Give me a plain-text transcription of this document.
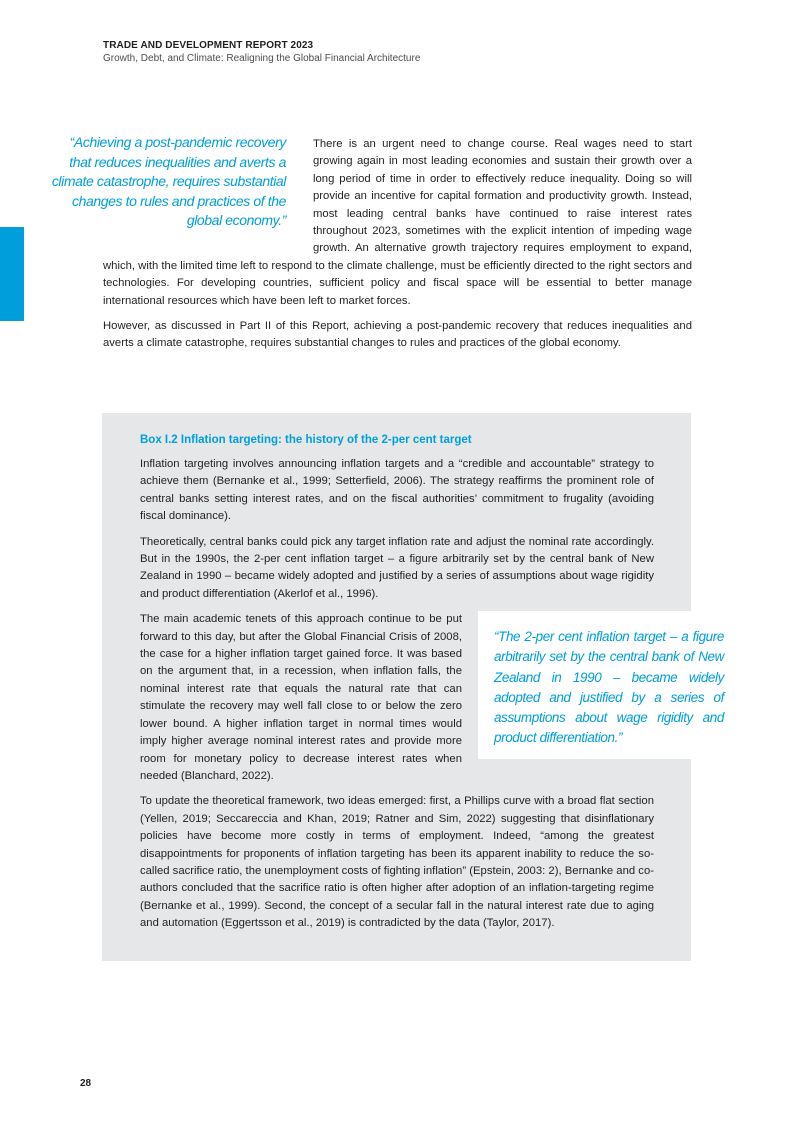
TRADE AND DEVELOPMENT REPORT 2023
Growth, Debt, and Climate: Realigning the Global Financial Architecture
“Achieving a post-pandemic recovery that reduces inequalities and averts a climate catastrophe, requires substantial changes to rules and practices of the global economy.”

There is an urgent need to change course. Real wages need to start growing again in most leading economies and sustain their growth over a long period of time in order to effectively reduce inequality. Doing so will provide an incentive for capital formation and productivity growth. Instead, most leading central banks have continued to raise interest rates throughout 2023, sometimes with the explicit intention of impeding wage growth. An alternative growth trajectory requires employment to expand, which, with the limited time left to respond to the climate challenge, must be efficiently directed to the right sectors and technologies. For developing countries, sufficient policy and fiscal space will be essential to better manage international resources which have been left to market forces.

However, as discussed in Part II of this Report, achieving a post-pandemic recovery that reduces inequalities and averts a climate catastrophe, requires substantial changes to rules and practices of the global economy.

Box I.2 Inflation targeting: the history of the 2-per cent target

Inflation targeting involves announcing inflation targets and a “credible and accountable” strategy to achieve them (Bernanke et al., 1999; Setterfield, 2006). The strategy reaffirms the prominent role of central banks setting interest rates, and on the fiscal authorities’ commitment to frugality (avoiding fiscal dominance).

Theoretically, central banks could pick any target inflation rate and adjust the nominal rate accordingly. But in the 1990s, the 2-per cent inflation target – a figure arbitrarily set by the central bank of New Zealand in 1990 – became widely adopted and justified by a series of assumptions about wage rigidity and product differentiation (Akerlof et al., 1996).

“The 2-per cent inflation target – a figure arbitrarily set by the central bank of New Zealand in 1990 – became widely adopted and justified by a series of assumptions about wage rigidity and product differentiation.”

The main academic tenets of this approach continue to be put forward to this day, but after the Global Financial Crisis of 2008, the case for a higher inflation target gained force. It was based on the argument that, in a recession, when inflation falls, the nominal interest rate that equals the natural rate that can stimulate the recovery may well fall close to or below the zero lower bound. A higher inflation target in normal times would imply higher average nominal interest rates and provide more room for monetary policy to decrease interest rates when needed (Blanchard, 2022).

To update the theoretical framework, two ideas emerged: first, a Phillips curve with a broad flat section (Yellen, 2019; Seccareccia and Khan, 2019; Ratner and Sim, 2022) suggesting that disinflationary policies have become more costly in terms of employment. Indeed, “among the greatest disappointments for proponents of inflation targeting has been its apparent inability to reduce the so-called sacrifice ratio, the unemployment costs of fighting inflation” (Epstein, 2003: 2), Bernanke and co-authors concluded that the sacrifice ratio is often higher after adoption of an inflation-targeting regime (Bernanke et al., 1999). Second, the concept of a secular fall in the natural interest rate due to aging and automation (Eggertsson et al., 2019) is contradicted by the data (Taylor, 2017).

28
